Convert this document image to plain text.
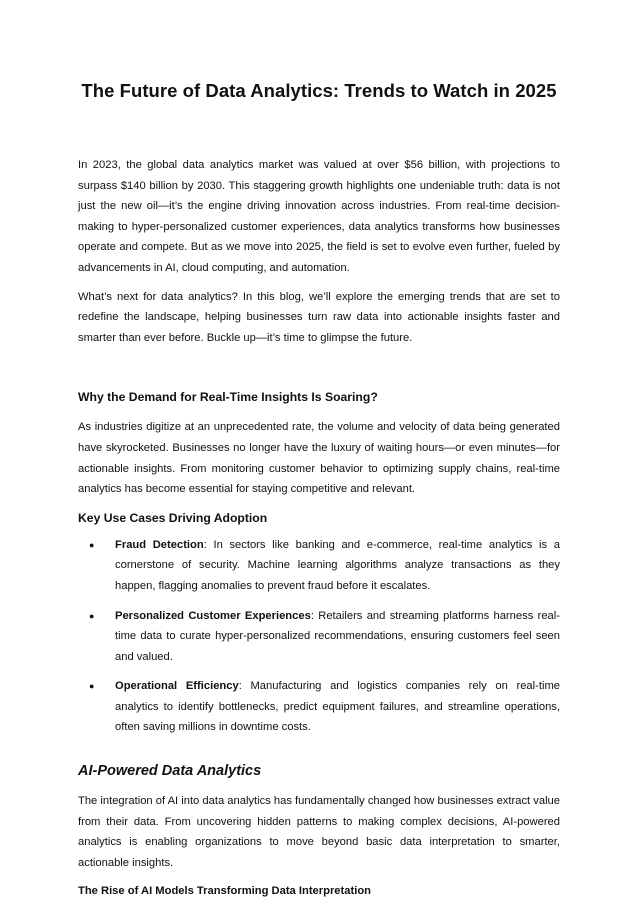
The Future of Data Analytics: Trends to Watch in 2025

In 2023, the global data analytics market was valued at over $56 billion, with projections to surpass $140 billion by 2030. This staggering growth highlights one undeniable truth: data is not just the new oil—it’s the engine driving innovation across industries. From real-time decision-making to hyper-personalized customer experiences, data analytics transforms how businesses operate and compete. But as we move into 2025, the field is set to evolve even further, fueled by advancements in AI, cloud computing, and automation.

What’s next for data analytics? In this blog, we’ll explore the emerging trends that are set to redefine the landscape, helping businesses turn raw data into actionable insights faster and smarter than ever before. Buckle up—it’s time to glimpse the future.

Why the Demand for Real-Time Insights Is Soaring?

As industries digitize at an unprecedented rate, the volume and velocity of data being generated have skyrocketed. Businesses no longer have the luxury of waiting hours—or even minutes—for actionable insights. From monitoring customer behavior to optimizing supply chains, real-time analytics has become essential for staying competitive and relevant.

Key Use Cases Driving Adoption
● Fraud Detection: In sectors like banking and e-commerce, real-time analytics is a cornerstone of security. Machine learning algorithms analyze transactions as they happen, flagging anomalies to prevent fraud before it escalates.
● Personalized Customer Experiences: Retailers and streaming platforms harness real-time data to curate hyper-personalized recommendations, ensuring customers feel seen and valued.
● Operational Efficiency: Manufacturing and logistics companies rely on real-time analytics to identify bottlenecks, predict equipment failures, and streamline operations, often saving millions in downtime costs.
AI-Powered Data Analytics

The integration of AI into data analytics has fundamentally changed how businesses extract value from their data. From uncovering hidden patterns to making complex decisions, AI-powered analytics is enabling organizations to move beyond basic data interpretation to smarter, actionable insights.

The Rise of AI Models Transforming Data Interpretation
